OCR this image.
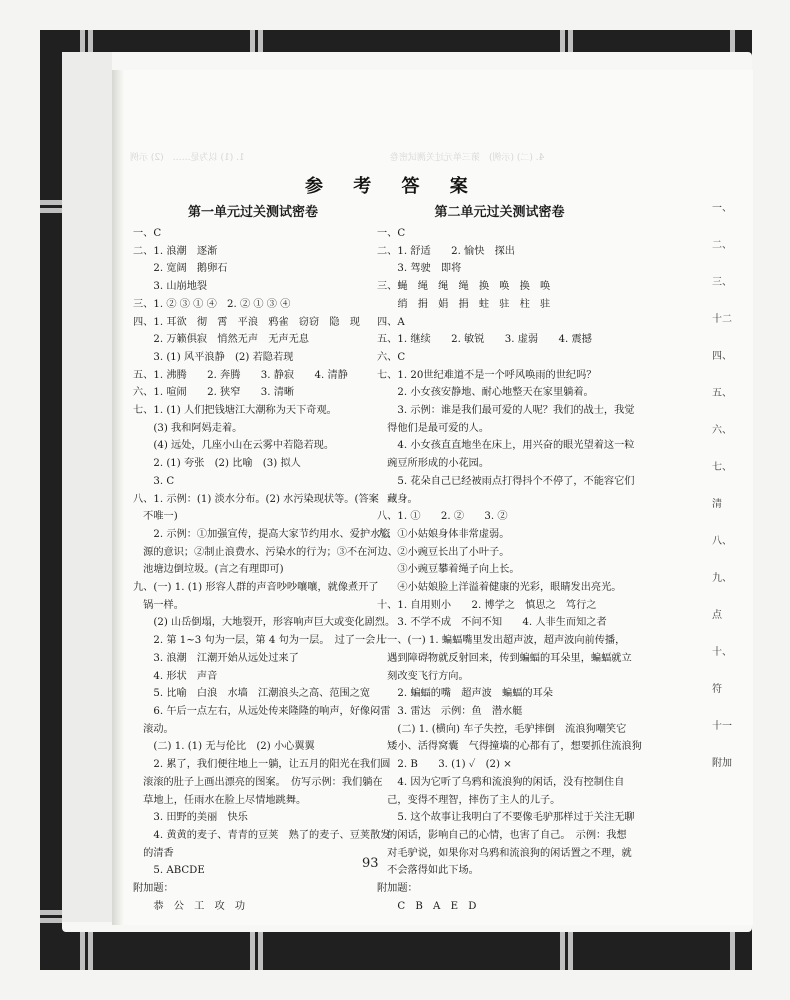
1. (1) 以为是……　(2) 示例	4. (二) (示例)　第三单元过关测试密卷
参 考 答 案
第一单元过关测试密卷
一、C
二、1. 浪潮　逐渐
　　2. 宽阔　鹅卵石
　　3. 山崩地裂
三、1. ② ③ ① ④　2. ② ① ③ ④
四、1. 耳欲　彻　霄　平浪　鸦雀　窃窃　隐　现
　　2. 万籁俱寂　悄然无声　无声无息
　　3. (1) 风平浪静　(2) 若隐若现
五、1. 沸腾　　2. 奔腾　　3. 静寂　　4. 清静
六、1. 喧闹　　2. 狭窄　　3. 清晰
七、1. (1) 人们把钱塘江大潮称为天下奇观。
　　(3) 我和阿妈走着。
　　(4) 远处，几座小山在云雾中若隐若现。
　　2. (1) 夸张　(2) 比喻　(3) 拟人
　　3. C
八、1. 示例：(1) 淡水分布。(2) 水污染现状等。(答案
　不唯一)
　　2. 示例：①加强宣传，提高大家节约用水、爱护水资
　源的意识；②制止浪费水、污染水的行为；③不在河边、
　池塘边倒垃圾。(言之有理即可)
九、(一) 1. (1) 形容人群的声音吵吵嚷嚷，就像煮开了
　锅一样。
　　(2) 山岳倒塌，大地裂开，形容响声巨大或变化剧烈。
　　2. 第 1~3 句为一层，第 4 句为一层。　过了一会儿
　　3. 浪潮　江潮开始从远处过来了
　　4. 形状　声音
　　5. 比喻　白浪　水墙　江潮浪头之高、范围之宽
　　6. 午后一点左右，从远处传来隆隆的响声，好像闷雷
　滚动。
　　(二) 1. (1) 无与伦比　(2) 小心翼翼
　　2. 累了，我们便往地上一躺，让五月的阳光在我们圆
　滚滚的肚子上画出漂亮的图案。　仿写示例：我们躺在
　草地上，任雨水在脸上尽情地跳舞。
　　3. 田野的美丽　快乐
　　4. 黄黄的麦子、青青的豆荚　熟了的麦子、豆荚散发
　的清香
　　5. ABCDE
附加题：
　　恭　公　工　攻　功
第二单元过关测试密卷
一、C
二、1. 舒适　　2. 愉快　探出
　　3. 驾驶　即将
三、蝇　绳　绳　绳　换　唤　换　唤
　　绡　捐　娟　捐　蛀　驻　柱　驻
四、A
五、1. 继续　　2. 敏锐　　3. 虚弱　　4. 震撼
六、C
七、1. 20世纪难道不是一个呼风唤雨的世纪吗？
　　2. 小女孩安静地、耐心地整天在家里躺着。
　　3. 示例：谁是我们最可爱的人呢？我们的战士，我觉
　得他们是最可爱的人。
　　4. 小女孩直直地坐在床上，用兴奋的眼光望着这一粒
　豌豆所形成的小花园。
　　5. 花朵自己已经被雨点打得抖个不停了，不能容它们
　藏身。
八、1. ①　　2. ②　　3. ②
九、①小姑娘身体非常虚弱。
　　②小豌豆长出了小叶子。
　　③小豌豆攀着绳子向上长。
　　④小姑娘脸上洋溢着健康的光彩，眼睛发出亮光。
十、1. 自用则小　　2. 博学之　慎思之　笃行之
　　3. 不学不成　不问不知　　4. 人非生而知之者
十一、(一) 1. 蝙蝠嘴里发出超声波，超声波向前传播，
　遇到障碍物就反射回来，传到蝙蝠的耳朵里，蝙蝠就立
　刻改变飞行方向。
　　2. 蝙蝠的嘴　超声波　蝙蝠的耳朵
　　3. 雷达　示例：鱼　潜水艇
　　(二) 1. (横向) 车子失控，毛驴摔倒　流浪狗嘲笑它
　矮小、活得窝囊　气得撞墙的心都有了，想要抓住流浪狗
　　2. B　　3. (1) ✓　(2) ×
　　4. 因为它听了乌鸦和流浪狗的闲话，没有控制住自
　己，变得不理智，摔伤了主人的儿子。
　　5. 这个故事让我明白了不要像毛驴那样过于关注无聊
　的闲话，影响自己的心情，也害了自己。　示例：我想
　对毛驴说，如果你对乌鸦和流浪狗的闲话置之不理，就
　不会落得如此下场。
附加题：
　　C　B　A　E　D
一、
二、
三、
十二
四、
五、
六、
七、
清
八、
九、
点
十、
符
十一
附加
93
